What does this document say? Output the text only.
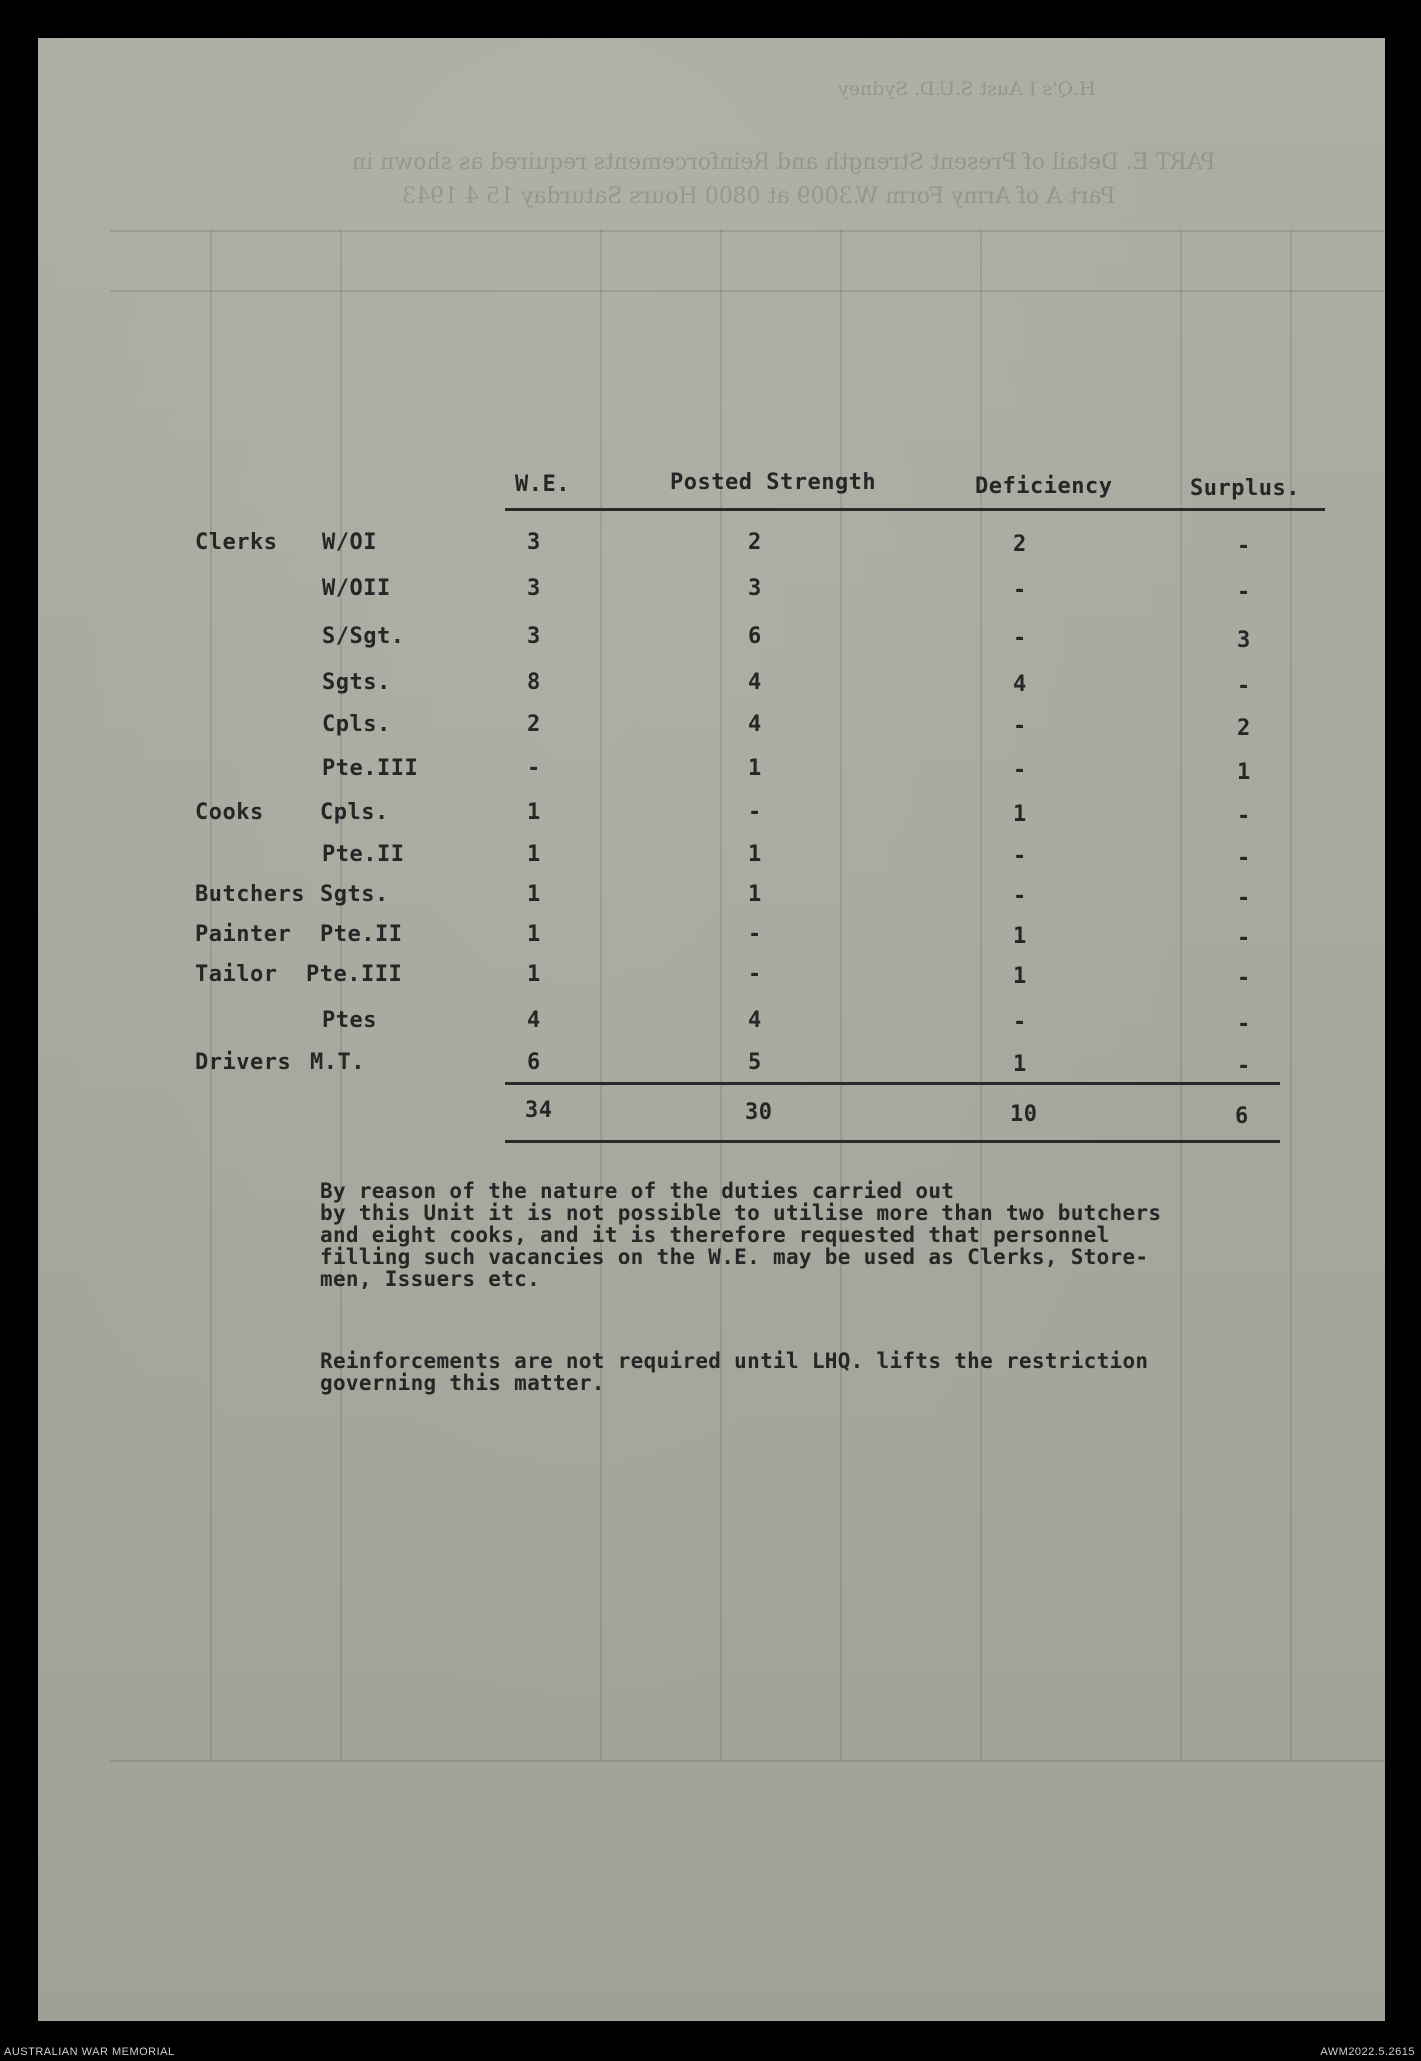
H.Q's I Aust S.U.D. Sydney
PART E. Detail of Present Strength and Reinforcements required as shown in
Part A of Army Form W.3009 at 0800 Hours Saturday 15 4 1943
W.E.	Posted Strength	Deficiency	Surplus.
Clerks W/OI	3	2	2	-
W/OII	3	3	-	-
S/Sgt.	3	6	-	3
Sgts.	8	4	4	-
Cpls.	2	4	-	2
Pte.III	-	1	-	1
Cooks	Cpls.	1	-	1	-
Pte.II	1	1	-	-
Butchers Sgts.	1	1	-	-
Painter Pte.II	1	-	1	-
Tailor Pte.III	1	-	1	-
Ptes	4	4	-	-
Drivers M.T.	6	5	1	-
34	30	10	6
By reason of the nature of the duties carried out
by this Unit it is not possible to utilise more than two butchers
and eight cooks, and it is therefore requested that personnel
filling such vacancies on the W.E. may be used as Clerks, Store-
men, Issuers etc.
Reinforcements are not required until LHQ. lifts the restriction
governing this matter.
AUSTRALIAN WAR MEMORIAL	AWM2022.5.2615
